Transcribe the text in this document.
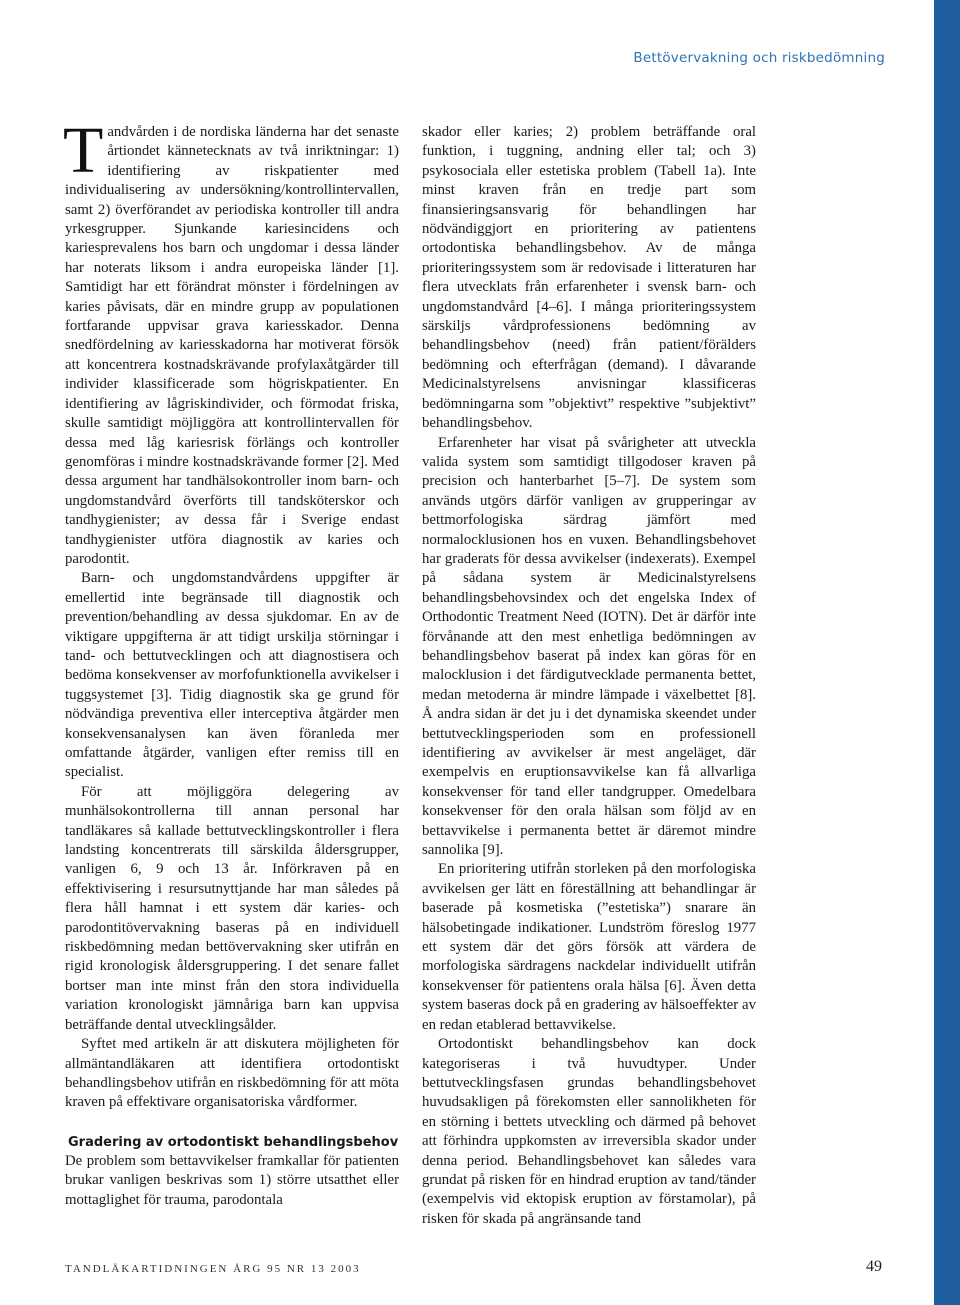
Bettövervakning och riskbedömning

Tandvården i de nordiska länderna har det senaste årtiondet kännetecknats av två inriktningar: 1) identifiering av riskpatienter med individualisering av undersökning/kontrollintervallen, samt 2) överförandet av periodiska kontroller till andra yrkesgrupper. Sjunkande kariesincidens och kariesprevalens hos barn och ungdomar i dessa länder har noterats liksom i andra europeiska länder [1]. Samtidigt har ett förändrat mönster i fördelningen av karies påvisats, där en mindre grupp av populationen fortfarande uppvisar grava kariesskador. Denna snedfördelning av kariesskadorna har motiverat försök att koncentrera kostnadskrävande profylaxåtgärder till individer klassificerade som högriskpatienter. En identifiering av lågriskindivider, och förmodat friska, skulle samtidigt möjliggöra att kontrollintervallen för dessa med låg kariesrisk förlängs och kontroller genomföras i mindre kostnadskrävande former [2]. Med dessa argument har tandhälsokontroller inom barn- och ungdomstandvård överförts till tandsköterskor och tandhygienister; av dessa får i Sverige endast tandhygienister utföra diagnostik av karies och parodontit.

Barn- och ungdomstandvårdens uppgifter är emellertid inte begränsade till diagnostik och prevention/behandling av dessa sjukdomar. En av de viktigare uppgifterna är att tidigt urskilja störningar i tand- och bettutvecklingen och att diagnostisera och bedöma konsekvenser av morfofunktionella avvikelser i tuggsystemet [3]. Tidig diagnostik ska ge grund för nödvändiga preventiva eller interceptiva åtgärder men konsekvensanalysen kan även föranleda mer omfattande åtgärder, vanligen efter remiss till en specialist.

För att möjliggöra delegering av munhälsokontrollerna till annan personal har tandläkares så kallade bettutvecklingskontroller i flera landsting koncentrerats till särskilda åldersgrupper, vanligen 6, 9 och 13 år. Införkraven på en effektivisering i resursutnyttjande har man således på flera håll hamnat i ett system där karies- och parodontitövervakning baseras på en individuell riskbedömning medan bettövervakning sker utifrån en rigid kronologisk åldersgruppering. I det senare fallet bortser man inte minst från den stora individuella variation kronologiskt jämnåriga barn kan uppvisa beträffande dental utvecklingsålder.

Syftet med artikeln är att diskutera möjligheten för allmäntandläkaren att identifiera ortodontiskt behandlingsbehov utifrån en riskbedömning för att möta kraven på effektivare organisatoriska vårdformer.

Gradering av ortodontiskt behandlingsbehov

De problem som bettavvikelser framkallar för patienten brukar vanligen beskrivas som 1) större utsatthet eller mottaglighet för trauma, parodontala

skador eller karies; 2) problem beträffande oral funktion, i tuggning, andning eller tal; och 3) psykosociala eller estetiska problem (Tabell 1a). Inte minst kraven från en tredje part som finansieringsansvarig för behandlingen har nödvändiggjort en prioritering av patientens ortodontiska behandlingsbehov. Av de många prioriteringssystem som är redovisade i litteraturen har flera utvecklats från erfarenheter i svensk barn- och ungdomstandvård [4–6]. I många prioriteringssystem särskiljs vårdprofessionens bedömning av behandlingsbehov (need) från patient/förälders bedömning och efterfrågan (demand). I dåvarande Medicinalstyrelsens anvisningar klassificeras bedömningarna som ”objektivt” respektive ”subjektivt” behandlingsbehov.

Erfarenheter har visat på svårigheter att utveckla valida system som samtidigt tillgodoser kraven på precision och hanterbarhet [5–7]. De system som används utgörs därför vanligen av grupperingar av bettmorfologiska särdrag jämfört med normalocklusionen hos en vuxen. Behandlingsbehovet har graderats för dessa avvikelser (indexerats). Exempel på sådana system är Medicinalstyrelsens behandlingsbehovsindex och det engelska Index of Orthodontic Treatment Need (IOTN). Det är därför inte förvånande att den mest enhetliga bedömningen av behandlingsbehov baserat på index kan göras för en malocklusion i det färdigutvecklade permanenta bettet, medan metoderna är mindre lämpade i växelbettet [8]. Å andra sidan är det ju i det dynamiska skeendet under bettutvecklingsperioden som en professionell identifiering av avvikelser är mest angeläget, där exempelvis en eruptionsavvikelse kan få allvarliga konsekvenser för tand eller tandgrupper. Omedelbara konsekvenser för den orala hälsan som följd av en bettavvikelse i permanenta bettet är däremot mindre sannolika [9].

En prioritering utifrån storleken på den morfologiska avvikelsen ger lätt en föreställning att behandlingar är baserade på kosmetiska (”estetiska”) snarare än hälsobetingade indikationer. Lundström föreslog 1977 ett system där det görs försök att värdera de morfologiska särdragens nackdelar individuellt utifrån konsekvenser för patientens orala hälsa [6]. Även detta system baseras dock på en gradering av hälsoeffekter av en redan etablerad bettavvikelse.

Ortodontiskt behandlingsbehov kan dock kategoriseras i två huvudtyper. Under bettutvecklingsfasen grundas behandlingsbehovet huvudsakligen på förekomsten eller sannolikheten för en störning i bettets utveckling och därmed på behovet att förhindra uppkomsten av irreversibla skador under denna period. Behandlingsbehovet kan således vara grundat på risken för en hindrad eruption av tand/tänder (exempelvis vid ektopisk eruption av förstamolar), på risken för skada på angränsande tand

TANDLÄKARTIDNINGEN ÅRG 95 NR 13 2003	49
